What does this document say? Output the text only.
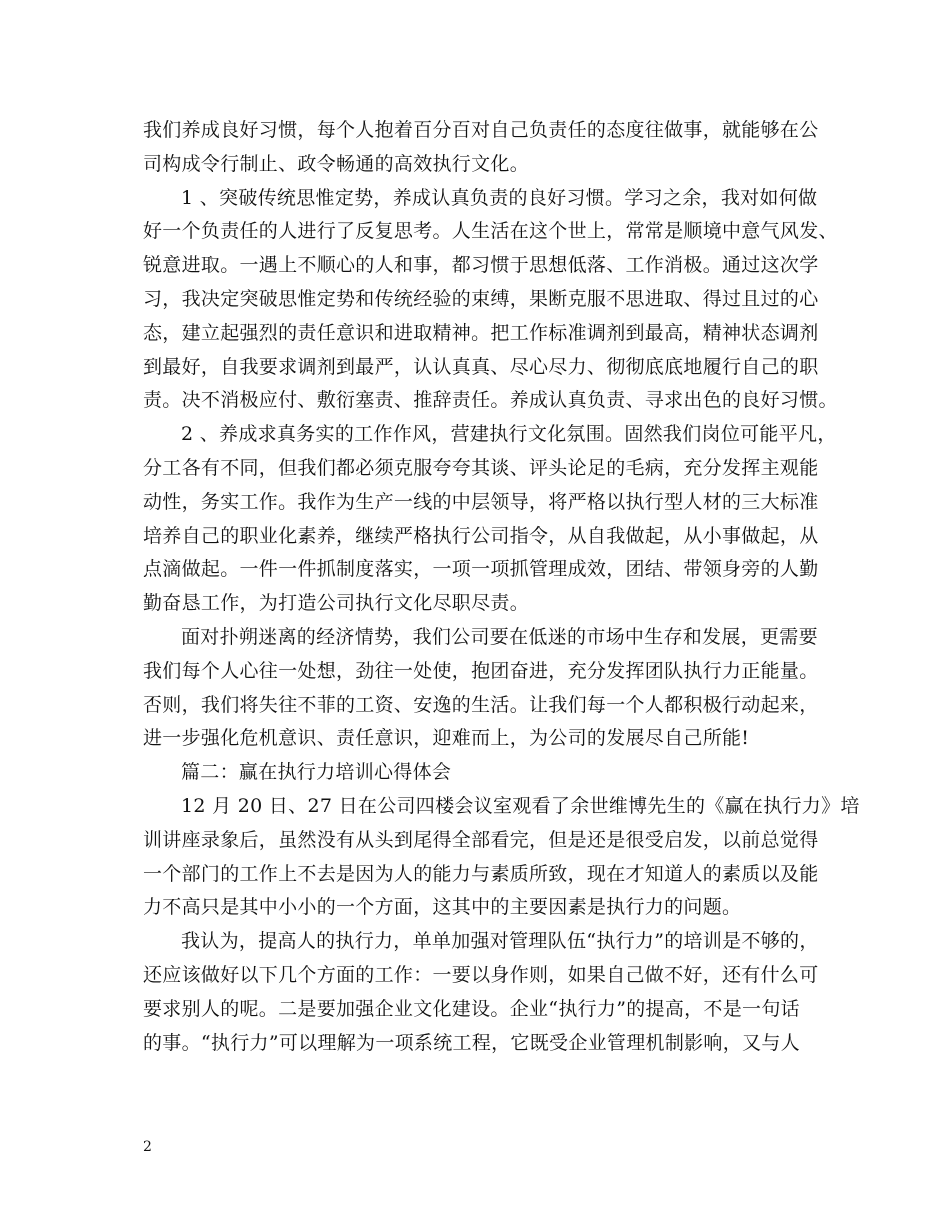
我们养成良好习惯，每个人抱着百分百对自己负责任的态度往做事，就能够在公
司构成令行制止、政令畅通的高效执行文化。
1 、突破传统思惟定势，养成认真负责的良好习惯。学习之余，我对如何做
好一个负责任的人进行了反复思考。人生活在这个世上，常常是顺境中意气风发、
锐意进取。一遇上不顺心的人和事，都习惯于思想低落、工作消极。通过这次学
习，我决定突破思惟定势和传统经验的束缚，果断克服不思进取、得过且过的心
态，建立起强烈的责任意识和进取精神。把工作标准调剂到最高，精神状态调剂
到最好，自我要求调剂到最严，认认真真、尽心尽力、彻彻底底地履行自己的职
责。决不消极应付、敷衍塞责、推辞责任。养成认真负责、寻求出色的良好习惯。
2 、养成求真务实的工作作风，营建执行文化氛围。固然我们岗位可能平凡，
分工各有不同，但我们都必须克服夸夸其谈、评头论足的毛病，充分发挥主观能
动性，务实工作。我作为生产一线的中层领导，将严格以执行型人材的三大标准
培养自己的职业化素养，继续严格执行公司指令，从自我做起，从小事做起，从
点滴做起。一件一件抓制度落实，一项一项抓管理成效，团结、带领身旁的人勤
勤奋恳工作，为打造公司执行文化尽职尽责。
面对扑朔迷离的经济情势，我们公司要在低迷的市场中生存和发展，更需要
我们每个人心往一处想，劲往一处使，抱团奋进，充分发挥团队执行力正能量。
否则，我们将失往不菲的工资、安逸的生活。让我们每一个人都积极行动起来，
进一步强化危机意识、责任意识，迎难而上，为公司的发展尽自己所能!
篇二：赢在执行力培训心得体会
12 月 20 日、27 日在公司四楼会议室观看了余世维博先生的《赢在执行力》培
训讲座录象后，虽然没有从头到尾得全部看完，但是还是很受启发，以前总觉得
一个部门的工作上不去是因为人的能力与素质所致，现在才知道人的素质以及能
力不高只是其中小小的一个方面，这其中的主要因素是执行力的问题。
我认为，提高人的执行力，单单加强对管理队伍“执行力”的培训是不够的，
还应该做好以下几个方面的工作：一要以身作则，如果自己做不好，还有什么可
要求别人的呢。二是要加强企业文化建设。企业“执行力”的提高，不是一句话
的事。“执行力”可以理解为一项系统工程，它既受企业管理机制影响，又与人
2
